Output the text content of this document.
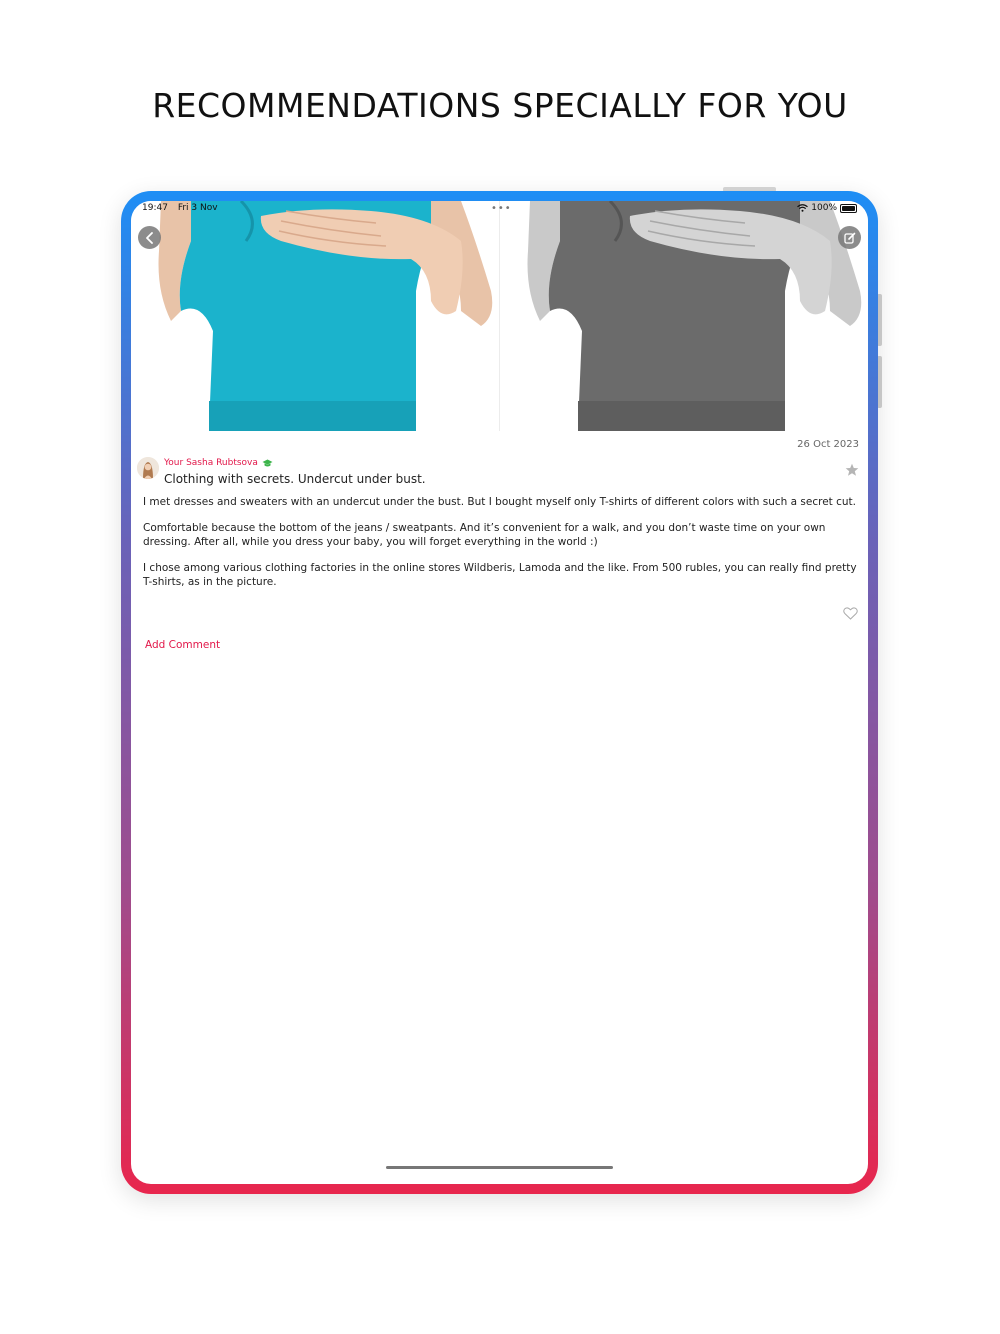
RECOMMENDATIONS SPECIALLY FOR YOU
19:47 Fri 3 Nov	•••	100%
26 Oct 2023
Your Sasha Rubtsova
Clothing with secrets. Undercut under bust.

I met dresses and sweaters with an undercut under the bust. But I bought myself only T-shirts of different colors with such a secret cut.

Comfortable because the bottom of the jeans / sweatpants. And it’s convenient for a walk, and you don’t waste time on your own dressing. After all, while you dress your baby, you will forget everything in the world :)

I chose among various clothing factories in the online stores Wildberis, Lamoda and the like. From 500 rubles, you can really find pretty T-shirts, as in the picture.

Add Comment
